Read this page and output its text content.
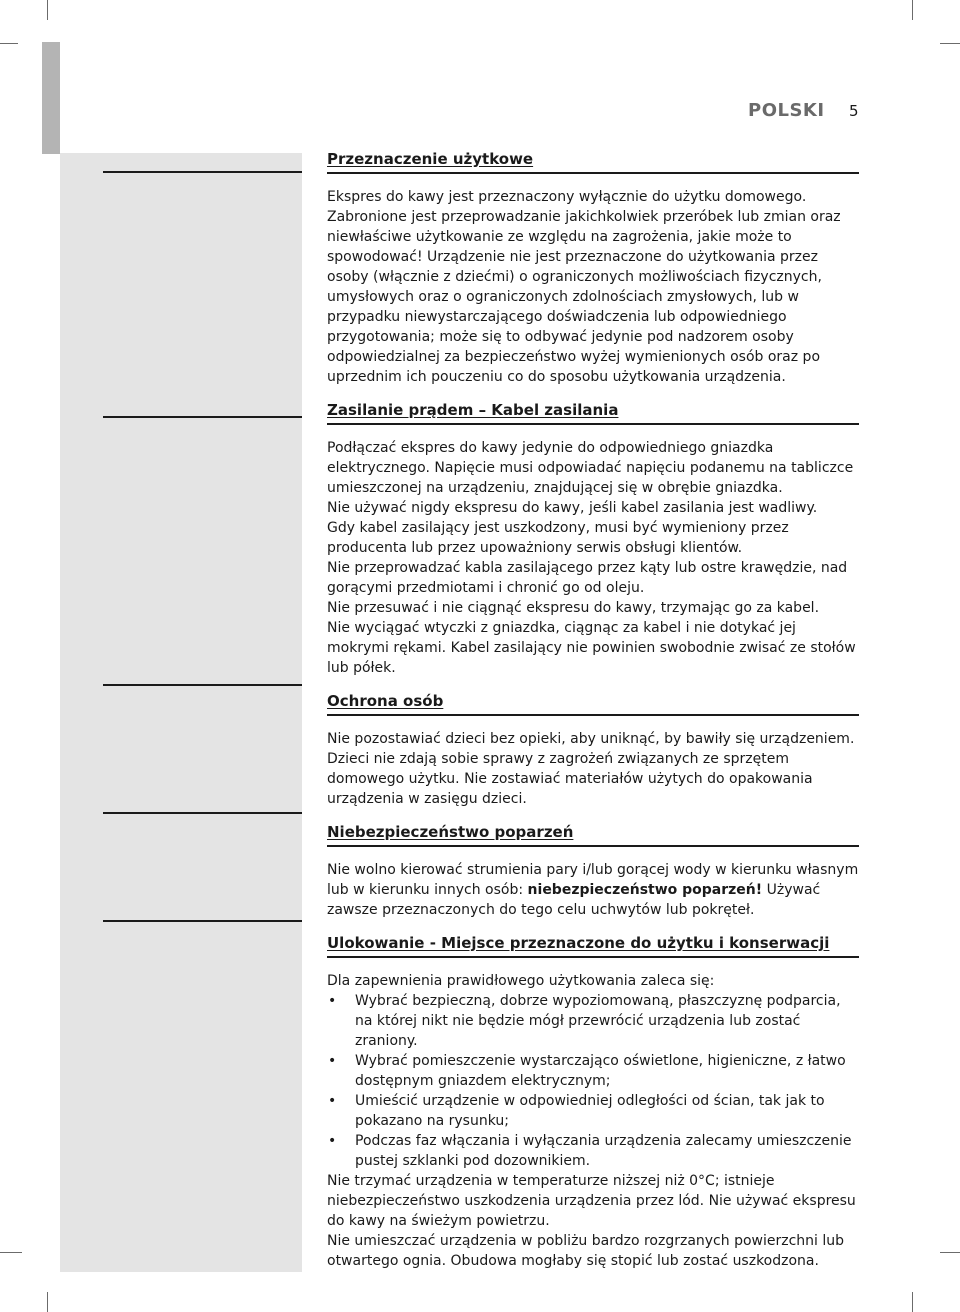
POLSKI 5
Przeznaczenie użytkowe

Ekspres do kawy jest przeznaczony wyłącznie do użytku domowego. Zabronione jest przeprowadzanie jakichkolwiek przeróbek lub zmian oraz niewłaściwe użytkowanie ze względu na zagrożenia, jakie może to spowodować! Urządzenie nie jest przeznaczone do użytkowania przez osoby (włącznie z dziećmi) o ograniczonych możliwościach fizycznych, umysłowych oraz o ograniczonych zdolnościach zmysłowych, lub w przypadku niewystarczającego doświadczenia lub odpowiedniego przygotowania; może się to odbywać jedynie pod nadzorem osoby odpowiedzialnej za bezpieczeństwo wyżej wymienionych osób oraz po uprzednim ich pouczeniu co do sposobu użytkowania urządzenia.

Zasilanie prądem – Kabel zasilania

Podłączać ekspres do kawy jedynie do odpowiedniego gniazdka elektrycznego. Napięcie musi odpowiadać napięciu podanemu na tabliczce umieszczonej na urządzeniu, znajdującej się w obrębie gniazdka.

Nie używać nigdy ekspresu do kawy, jeśli kabel zasilania jest wadliwy.

Gdy kabel zasilający jest uszkodzony, musi być wymieniony przez producenta lub przez upoważniony serwis obsługi klientów.

Nie przeprowadzać kabla zasilającego przez kąty lub ostre krawędzie, nad gorącymi przedmiotami i chronić go od oleju.

Nie przesuwać i nie ciągnąć ekspresu do kawy, trzymając go za kabel.

Nie wyciągać wtyczki z gniazdka, ciągnąc za kabel i nie dotykać jej mokrymi rękami. Kabel zasilający nie powinien swobodnie zwisać ze stołów lub półek.

Ochrona osób

Nie pozostawiać dzieci bez opieki, aby uniknąć, by bawiły się urządzeniem. Dzieci nie zdają sobie sprawy z zagrożeń związanych ze sprzętem domowego użytku. Nie zostawiać materiałów użytych do opakowania urządzenia w zasięgu dzieci.

Niebezpieczeństwo poparzeń

Nie wolno kierować strumienia pary i/lub gorącej wody w kierunku własnym lub w kierunku innych osób: niebezpieczeństwo poparzeń! Używać zawsze przeznaczonych do tego celu uchwytów lub pokręteł.

Ulokowanie - Miejsce przeznaczone do użytku i konserwacji

Dla zapewnienia prawidłowego użytkowania zaleca się:

• Wybrać bezpieczną, dobrze wypoziomowaną, płaszczyznę podparcia, na której nikt nie będzie mógł przewrócić urządzenia lub zostać zraniony.
• Wybrać pomieszczenie wystarczająco oświetlone, higieniczne, z łatwo dostępnym gniazdem elektrycznym;
• Umieścić urządzenie w odpowiedniej odległości od ścian, tak jak to pokazano na rysunku;
• Podczas faz włączania i wyłączania urządzenia zalecamy umieszczenie pustej szklanki pod dozownikiem.

Nie trzymać urządzenia w temperaturze niższej niż 0°C; istnieje niebezpieczeństwo uszkodzenia urządzenia przez lód. Nie używać ekspresu do kawy na świeżym powietrzu.

Nie umieszczać urządzenia w pobliżu bardzo rozgrzanych powierzchni lub otwartego ognia. Obudowa mogłaby się stopić lub zostać uszkodzona.
